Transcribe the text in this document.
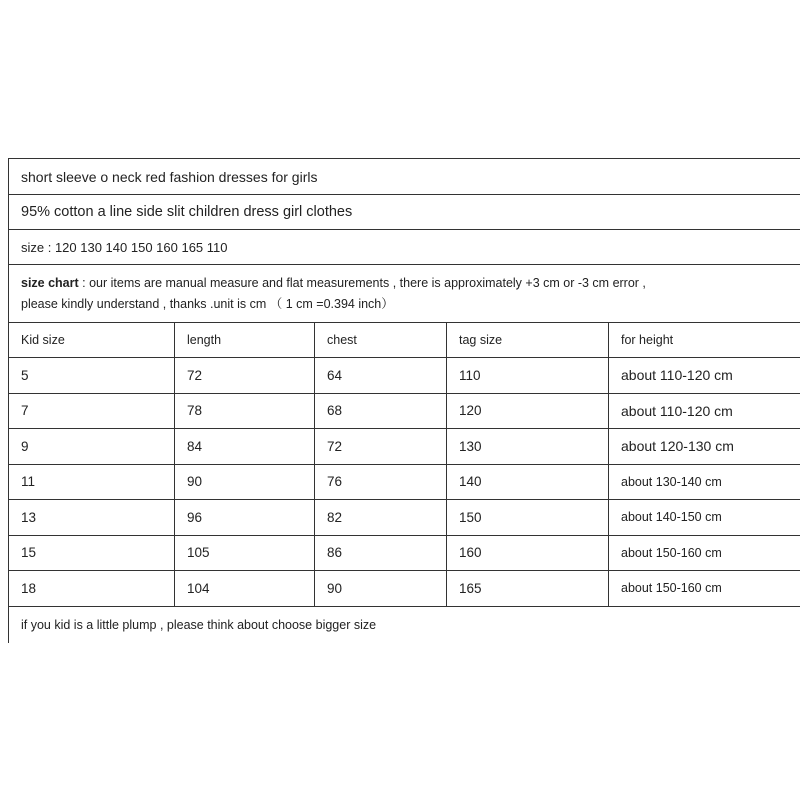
short sleeve o neck red fashion dresses for girls
95% cotton a line side slit children dress girl clothes
size : 120 130 140 150 160 165 110
size chart : our items are manual measure and flat measurements , there is approximately +3 cm or -3 cm error ,
please kindly understand , thanks .unit is cm （ 1 cm =0.394 inch）
Kid size	length	chest	tag size	for height
5	72	64	110	about 110-120 cm
7	78	68	120	about 110-120 cm
9	84	72	130	about 120-130 cm
11	90	76	140	about 130-140 cm
13	96	82	150	about 140-150 cm
15	105	86	160	about 150-160 cm
18	104	90	165	about 150-160 cm
if you kid is a little plump , please think about choose bigger size
